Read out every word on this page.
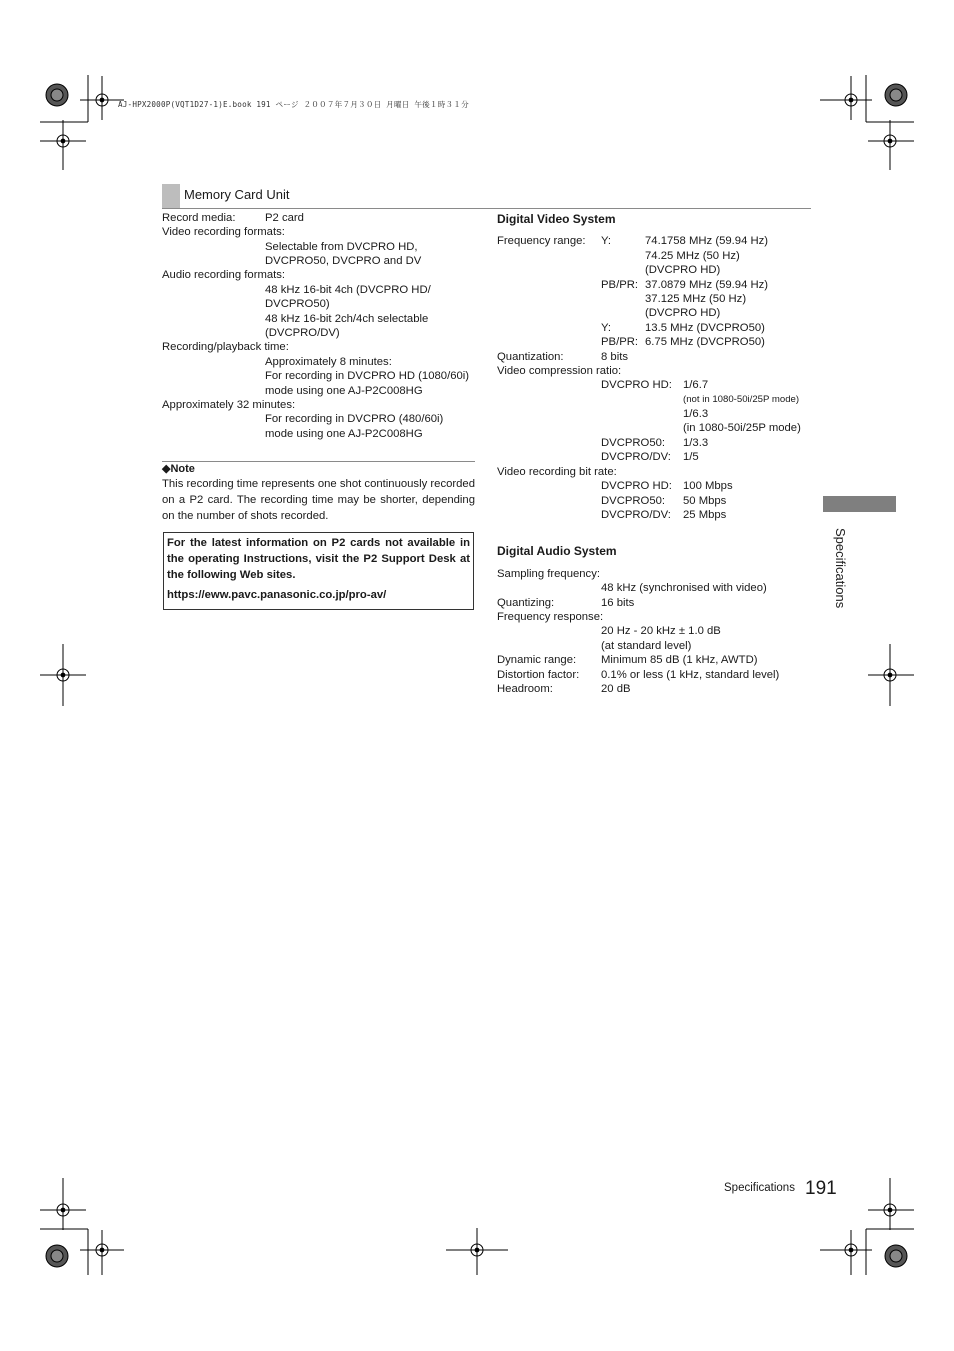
AJ-HPX2000P(VQT1D27-1)E.book 191 ページ ２００７年７月３０日 月曜日 午後１時３１分
Memory Card Unit
Record media:	P2 card
Video recording formats:
Selectable from DVCPRO HD,
DVCPRO50, DVCPRO and DV
Audio recording formats:
48 kHz 16-bit 4ch (DVCPRO HD/
DVCPRO50)
48 kHz 16-bit 2ch/4ch selectable
(DVCPRO/DV)
Recording/playback time:
Approximately 8 minutes:
For recording in DVCPRO HD (1080/60i)
mode using one AJ-P2C008HG
Approximately 32 minutes:
For recording in DVCPRO (480/60i)
mode using one AJ-P2C008HG
◆Note
This recording time represents one shot continuously recorded on a P2 card. The recording time may be shorter, depending on the number of shots recorded.
For the latest information on P2 cards not available in the operating Instructions, visit the P2 Support Desk at the following Web sites.
https://eww.pavc.panasonic.co.jp/pro-av/
Digital Video System
Frequency range: Y:	74.1758 MHz (59.94 Hz)
74.25 MHz (50 Hz)
(DVCPRO HD)
PB/PR: 37.0879 MHz (59.94 Hz)
37.125 MHz (50 Hz)
(DVCPRO HD)
Y:	13.5 MHz (DVCPRO50)
PB/PR: 6.75 MHz (DVCPRO50)
Quantization:	8 bits
Video compression ratio:
DVCPRO HD: 1/6.7
(not in 1080-50i/25P mode)
1/6.3
(in 1080-50i/25P mode)
DVCPRO50: 1/3.3
DVCPRO/DV: 1/5
Video recording bit rate:
DVCPRO HD: 100 Mbps
DVCPRO50: 50 Mbps
DVCPRO/DV: 25 Mbps
Digital Audio System
Sampling frequency:
48 kHz (synchronised with video)
Quantizing:	16 bits
Frequency response:
20 Hz - 20 kHz ± 1.0 dB
(at standard level)
Dynamic range: Minimum 85 dB (1 kHz, AWTD)
Distortion factor: 0.1% or less (1 kHz, standard level)
Headroom:	20 dB
Specifications
Specifications 191
